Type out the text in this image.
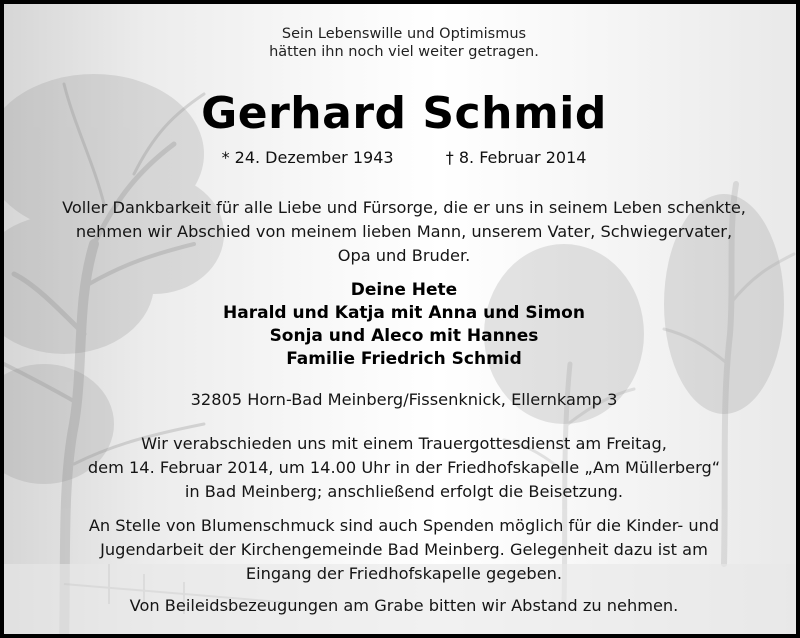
Sein Lebenswille und Optimismus
hätten ihn noch viel weiter getragen.
Gerhard Schmid
* 24. Dezember 1943	† 8. Februar 2014
Voller Dankbarkeit für alle Liebe und Fürsorge, die er uns in seinem Leben schenkte,
nehmen wir Abschied von meinem lieben Mann, unserem Vater, Schwiegervater,
Opa und Bruder.
Deine Hete
Harald und Katja mit Anna und Simon
Sonja und Aleco mit Hannes
Familie Friedrich Schmid
32805 Horn-Bad Meinberg/Fissenknick, Ellernkamp 3
Wir verabschieden uns mit einem Trauergottesdienst am Freitag,
dem 14. Februar 2014, um 14.00 Uhr in der Friedhofskapelle „Am Müllerberg“
in Bad Meinberg; anschließend erfolgt die Beisetzung.
An Stelle von Blumenschmuck sind auch Spenden möglich für die Kinder- und
Jugendarbeit der Kirchengemeinde Bad Meinberg. Gelegenheit dazu ist am
Eingang der Friedhofskapelle gegeben.
Von Beileidsbezeugungen am Grabe bitten wir Abstand zu nehmen.
